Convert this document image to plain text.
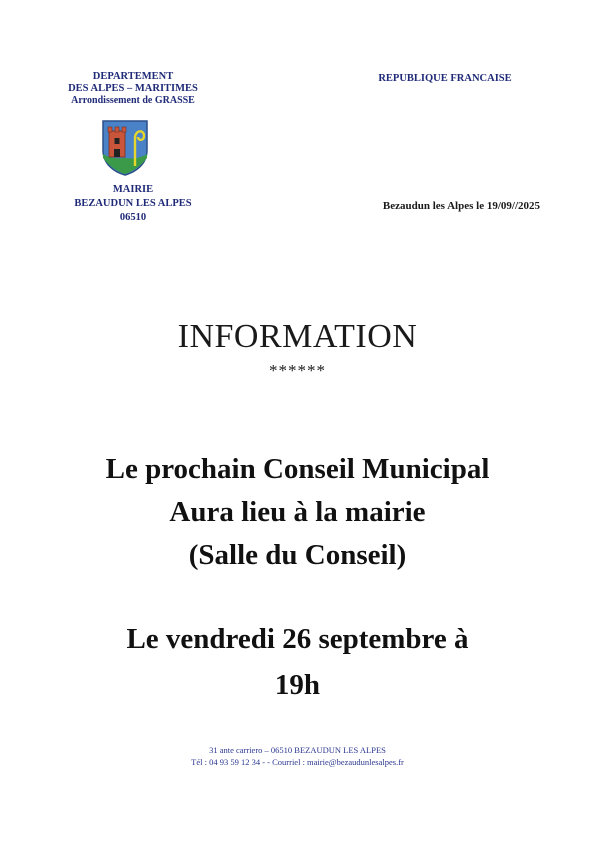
DEPARTEMENT
DES ALPES – MARITIMES
Arrondissement de GRASSE
MAIRIE
BEZAUDUN LES ALPES
06510
REPUBLIQUE FRANCAISE
Bezaudun les Alpes le 19/09//2025
INFORMATION
******
Le prochain Conseil Municipal
Aura lieu à la mairie
(Salle du Conseil)
Le vendredi 26 septembre à
19h
31 ante carriero – 06510 BEZAUDUN LES ALPES
Tél : 04 93 59 12 34 - - Courriel : mairie@bezaudunlesalpes.fr
